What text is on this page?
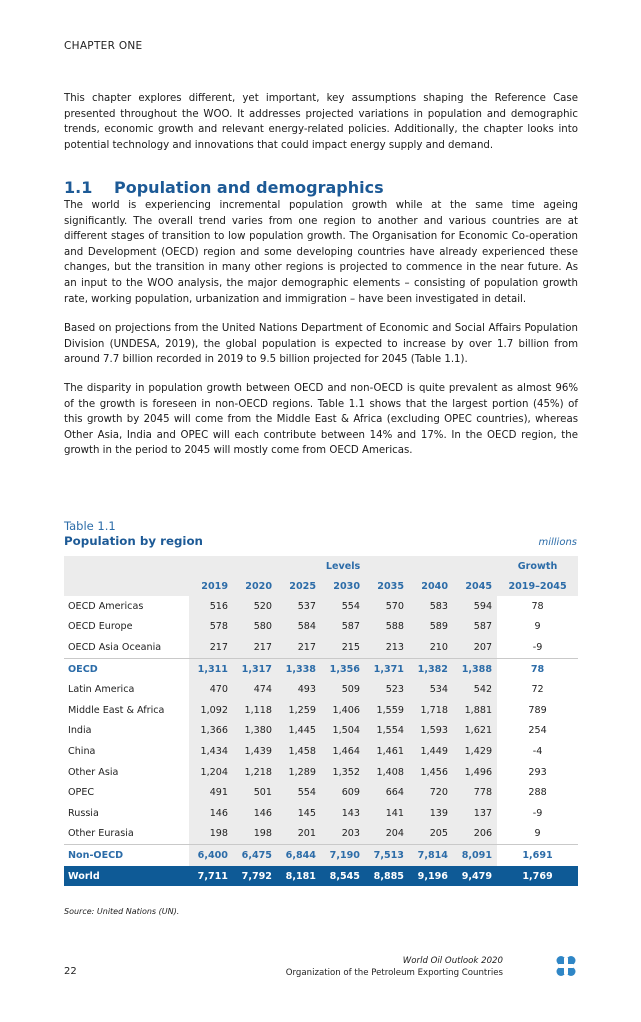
CHAPTER ONE
This chapter explores different, yet important, key assumptions shaping the Reference Case presented throughout the WOO. It addresses projected variations in population and demographic trends, economic growth and relevant energy-related policies. Additionally, the chapter looks into potential technology and innovations that could impact energy supply and demand.
1.1 Population and demographics
The world is experiencing incremental population growth while at the same time ageing significantly. The overall trend varies from one region to another and various countries are at different stages of transition to low population growth. The Organisation for Economic Co-operation and Development (OECD) region and some developing countries have already experienced these changes, but the transition in many other regions is projected to commence in the near future. As an input to the WOO analysis, the major demographic elements – consisting of population growth rate, working population, urbanization and immigration – have been investigated in detail.
Based on projections from the United Nations Department of Economic and Social Affairs Population Division (UNDESA, 2019), the global population is expected to increase by over 1.7 billion from around 7.7 billion recorded in 2019 to 9.5 billion projected for 2045 (Table 1.1).
The disparity in population growth between OECD and non-OECD is quite prevalent as almost 96% of the growth is foreseen in non-OECD regions. Table 1.1 shows that the largest portion (45%) of this growth by 2045 will come from the Middle East & Africa (excluding OPEC countries), whereas Other Asia, India and OPEC will each contribute between 14% and 17%. In the OECD region, the growth in the period to 2045 will mostly come from OECD Americas.
Table 1.1
Population by region	millions
	Levels							Growth
	2019	2020	2025	2030	2035	2040	2045	2019–2045
OECD Americas	516	520	537	554	570	583	594	78
OECD Europe	578	580	584	587	588	589	587	9
OECD Asia Oceania	217	217	217	215	213	210	207	-9
OECD	1,311	1,317	1,338	1,356	1,371	1,382	1,388	78
Latin America	470	474	493	509	523	534	542	72
Middle East & Africa	1,092	1,118	1,259	1,406	1,559	1,718	1,881	789
India	1,366	1,380	1,445	1,504	1,554	1,593	1,621	254
China	1,434	1,439	1,458	1,464	1,461	1,449	1,429	-4
Other Asia	1,204	1,218	1,289	1,352	1,408	1,456	1,496	293
OPEC	491	501	554	609	664	720	778	288
Russia	146	146	145	143	141	139	137	-9
Other Eurasia	198	198	201	203	204	205	206	9
Non-OECD	6,400	6,475	6,844	7,190	7,513	7,814	8,091	1,691
World	7,711	7,792	8,181	8,545	8,885	9,196	9,479	1,769
Source: United Nations (UN).
22
World Oil Outlook 2020
Organization of the Petroleum Exporting Countries
